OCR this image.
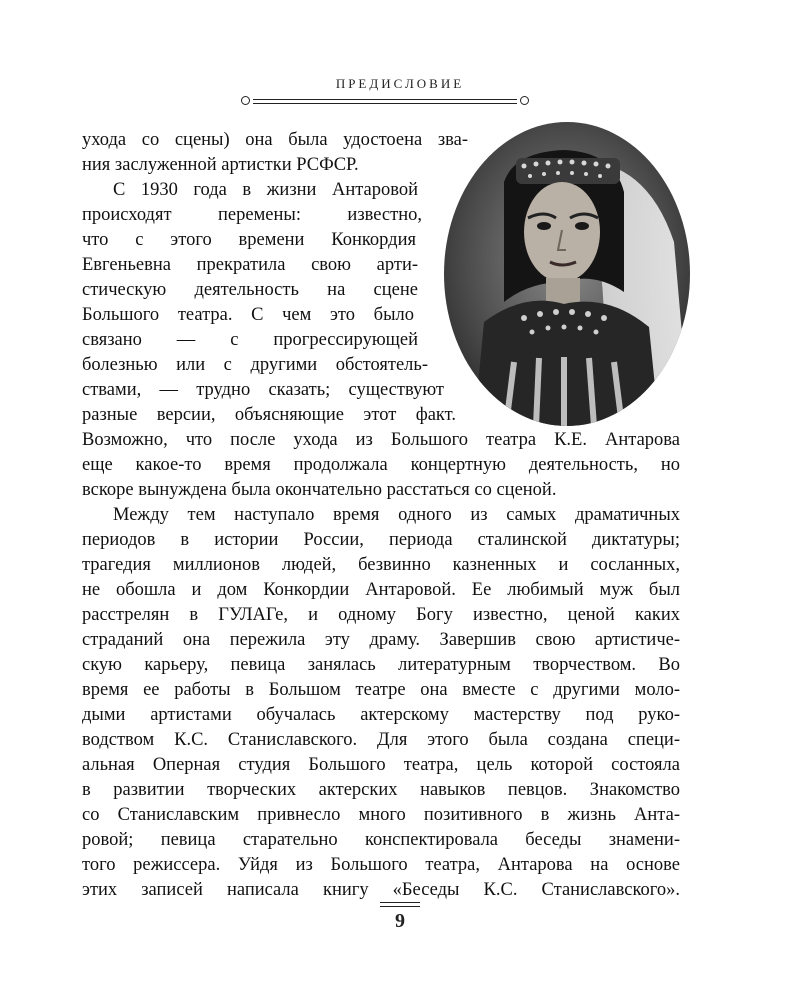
ПРЕДИСЛОВИЕ
ухода со сцены) она была удостоена зва-
ния заслуженной артистки РСФСР.
С 1930 года в жизни Антаровой
происходят перемены: известно,
что с этого времени Конкордия
Евгеньевна прекратила свою арти-
стическую деятельность на сцене
Большого театра. С чем это было
связано — с прогрессирующей
болезнью или с другими обстоятель-
ствами, — трудно сказать; существуют
разные версии, объясняющие этот факт.
Возможно, что после ухода из Большого театра К.Е. Антарова
еще какое-то время продолжала концертную деятельность, но
вскоре вынуждена была окончательно расстаться со сценой.
Между тем наступало время одного из самых драматичных
периодов в истории России, периода сталинской диктатуры;
трагедия миллионов людей, безвинно казненных и сосланных,
не обошла и дом Конкордии Антаровой. Ее любимый муж был
расстрелян в ГУЛАГе, и одному Богу известно, ценой каких
страданий она пережила эту драму. Завершив свою артистиче-
скую карьеру, певица занялась литературным творчеством. Во
время ее работы в Большом театре она вместе с другими моло-
дыми артистами обучалась актерскому мастерству под руко-
водством К.С. Станиславского. Для этого была создана специ-
альная Оперная студия Большого театра, цель которой состояла
в развитии творческих актерских навыков певцов. Знакомство
со Станиславским привнесло много позитивного в жизнь Анта-
ровой; певица старательно конспектировала беседы знамени-
того режиссера. Уйдя из Большого театра, Антарова на основе
этих записей написала книгу «Беседы К.С. Станиславского».
9
